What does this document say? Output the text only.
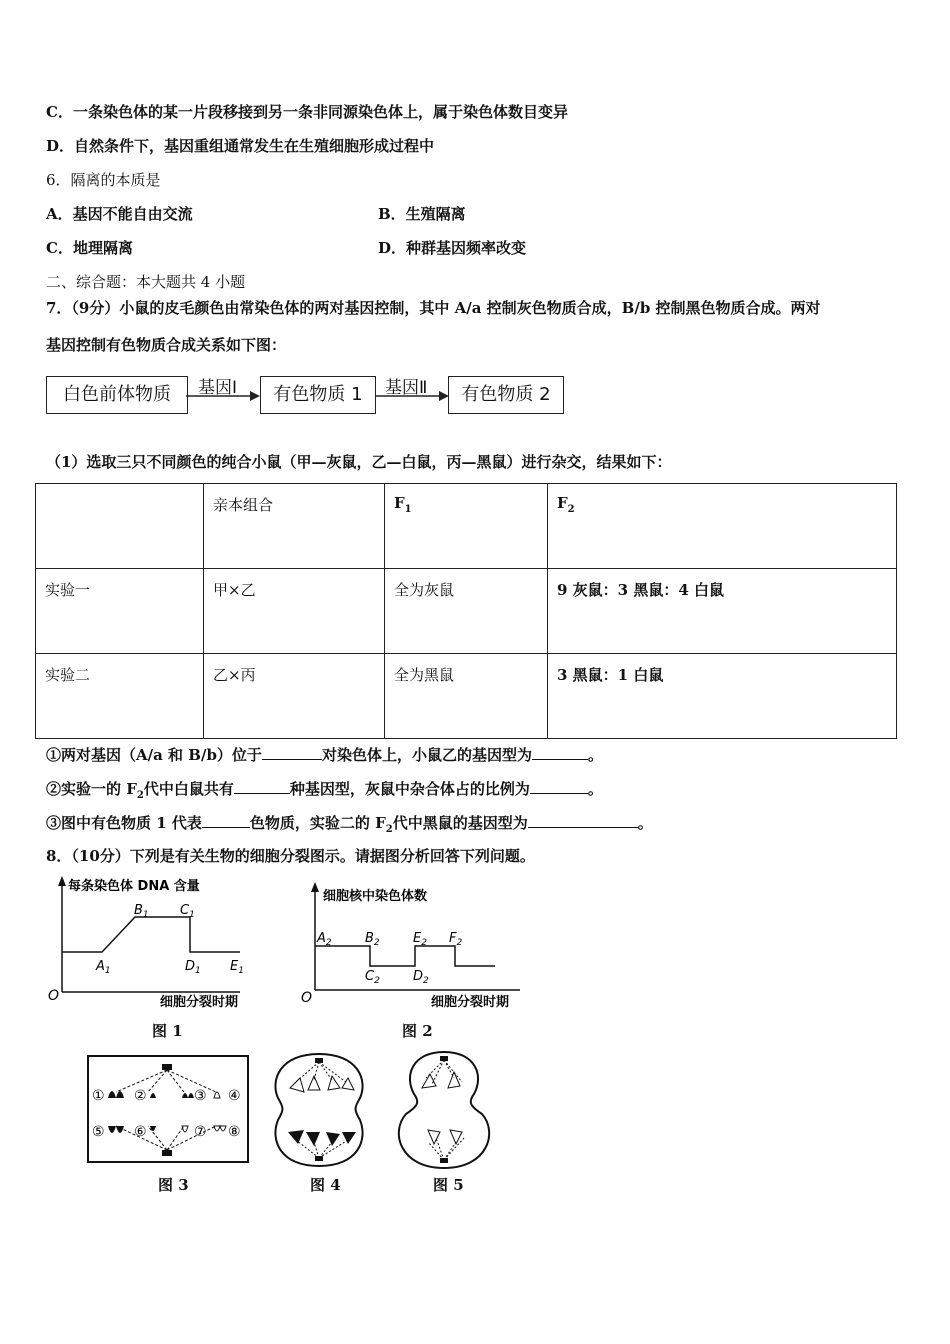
C．一条染色体的某一片段移接到另一条非同源染色体上，属于染色体数目变异
D．自然条件下，基因重组通常发生在生殖细胞形成过程中
6．隔离的本质是
A．基因不能自由交流	B．生殖隔离
C．地理隔离	D．种群基因频率改变
二、综合题：本大题共 4 小题
7．（9分）小鼠的皮毛颜色由常染色体的两对基因控制，其中 A/a 控制灰色物质合成，B/b 控制黑色物质合成。两对
基因控制有色物质合成关系如下图：
白色前体物质	基因Ⅰ	有色物质 1	基因Ⅱ	有色物质 2
（1）选取三只不同颜色的纯合小鼠（甲—灰鼠，乙—白鼠，丙—黑鼠）进行杂交，结果如下：
	亲本组合	$F_1$	$F_2$
实验一	甲×乙	全为灰鼠	9 灰鼠：3 黑鼠：4 白鼠
实验二	乙×丙	全为黑鼠	3 黑鼠：1 白鼠
①两对基因（A/a 和 B/b）位于	对染色体上，小鼠乙的基因型为	。
②实验一的 $F_2$代中白鼠共有	种基因型，灰鼠中杂合体占的比例为	。
③图中有色物质 1 代表	色物质，实验二的 $F_2$代中黑鼠的基因型为	。
8．（10分）下列是有关生物的细胞分裂图示。请据图分析回答下列问题。
每条染色体 DNA 含量
细胞分裂时期
O
$A_1$
$B_1$ $C_1$
$D_1$ $E_1$
图 1
细胞核中染色体数
细胞分裂时期
O
$A_2$	$B_2$
$C_2$	$D_2$
$E_2$ $F_2$
图 2
① ②	③ ④
⑤ ⑥	⑦ ⑧
图 3	图 4	图 5
